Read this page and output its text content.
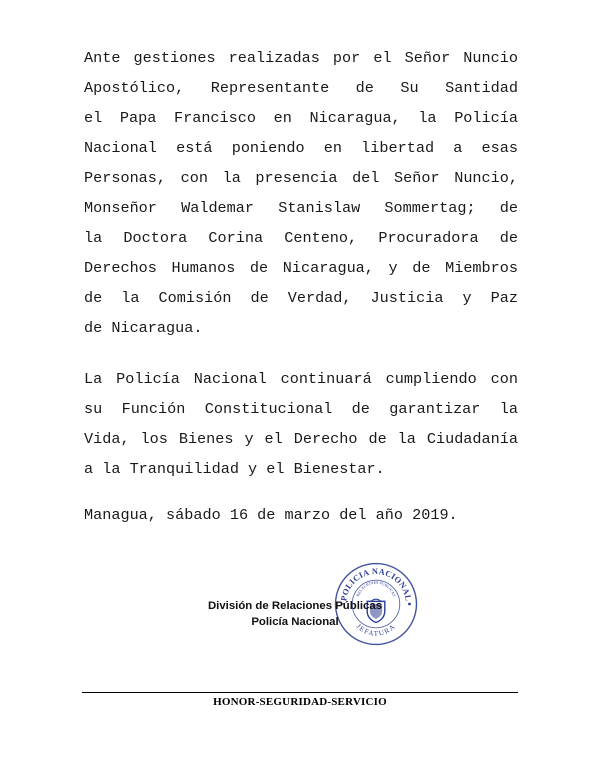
Ante gestiones realizadas por el Señor Nuncio
Apostólico, Representante de Su Santidad
el Papa Francisco en Nicaragua, la Policía
Nacional está poniendo en libertad a esas
Personas, con la presencia del Señor Nuncio,
Monseñor Waldemar Stanislaw Sommertag; de
la Doctora Corina Centeno, Procuradora de
Derechos Humanos de Nicaragua, y de Miembros
de la Comisión de Verdad, Justicia y Paz
de Nicaragua.

La Policía Nacional continuará cumpliendo con
su Función Constitucional de garantizar la
Vida, los Bienes y el Derecho de la Ciudadanía
a la Tranquilidad y el Bienestar.

Managua, sábado 16 de marzo del año 2019.

POLICIA NACIONAL
RELACIONES PUBLICAS
JEFATURA
División de Relaciones Públicas
Policía Nacional
HONOR-SEGURIDAD-SERVICIO
